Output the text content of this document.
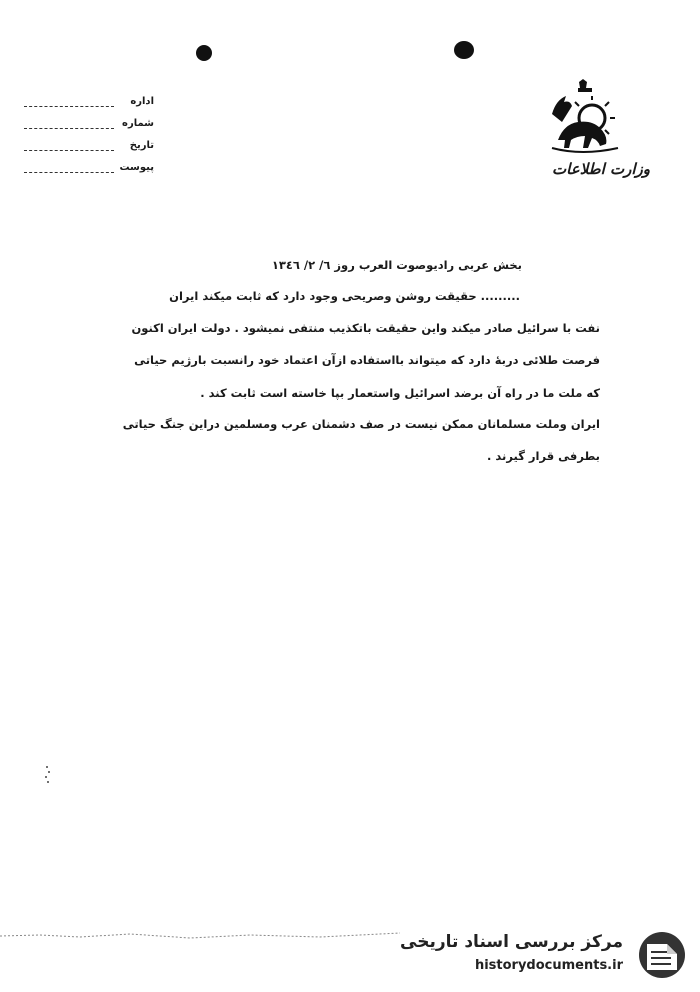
اداره
شماره
تاریخ
پیوست	وزارت اطلاعات
بخش عربی رادیوصوت العرب روز ٦/ ٢/ ١٣٤٦
......... حقیقت روشن وصریحی وجود دارد که ثابت میکند ایران
نفت با سرائیل صادر میکند واین حقیقت باتکذیب منتفی نمیشود . دولت ایران اکنون
فرصت طلائی دربهٔ دارد که میتواند بااستفاده ازآن اعتماد خود رانسبت بارژیم حیاتی
که ملت ما در راه آن برضد اسرائیل واستعمار بپا خاسته است ثابت کند .
ایران وملت مسلمانان ممکن نیست در صف دشمنان عرب ومسلمین دراین جنگ حیاتی
بطرفی قرار گیرند .
مرکز بررسی اسناد تاریخی
historydocuments.ir
